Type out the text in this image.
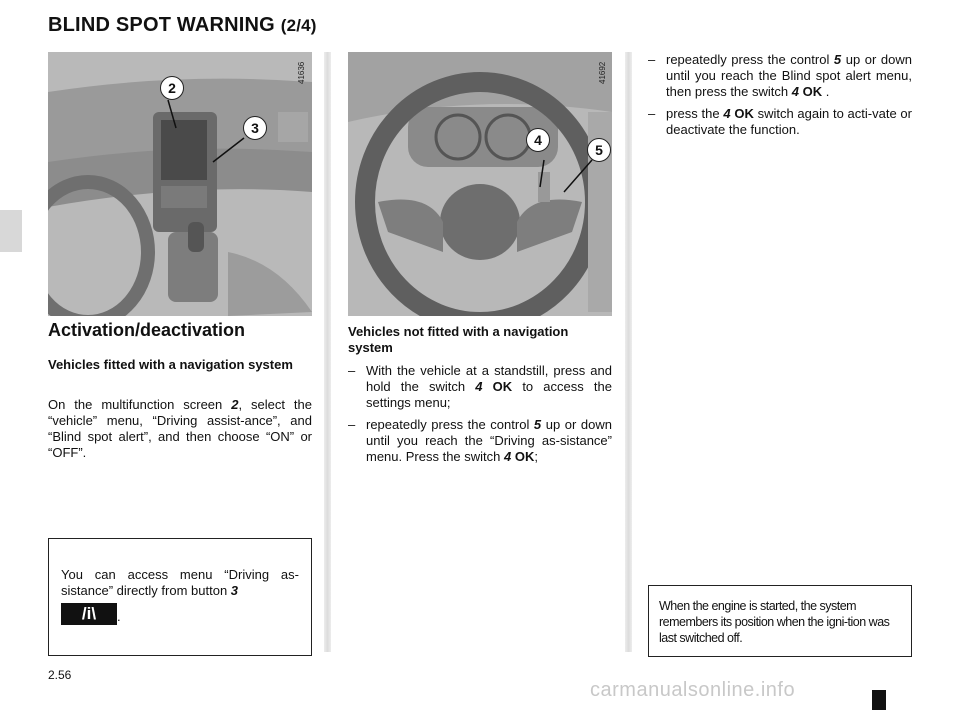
BLIND SPOT WARNING (2/4)
2
3
41636
4
5
41692
Activation/deactivation
Vehicles fitted with a navigation system
On the multifunction screen 2, select the “vehicle” menu, “Driving assist-ance”, and “Blind spot alert”, and then choose “ON” or “OFF”.
Vehicles not fitted with a navigation system
– With the vehicle at a standstill, press and hold the switch 4 OK to access the settings menu;
– repeatedly press the control 5 up or down until you reach the “Driving as-sistance” menu. Press the switch 4 OK;
– repeatedly press the control 5 up or down until you reach the Blind spot alert menu, then press the switch 4 OK .
– press the 4 OK switch again to acti-vate or deactivate the function.
You can access menu “Driving as-sistance” directly from button 3
/i\ .
When the engine is started, the system remembers its position when the igni-tion was last switched off.
2.56
carmanualsonline.info
